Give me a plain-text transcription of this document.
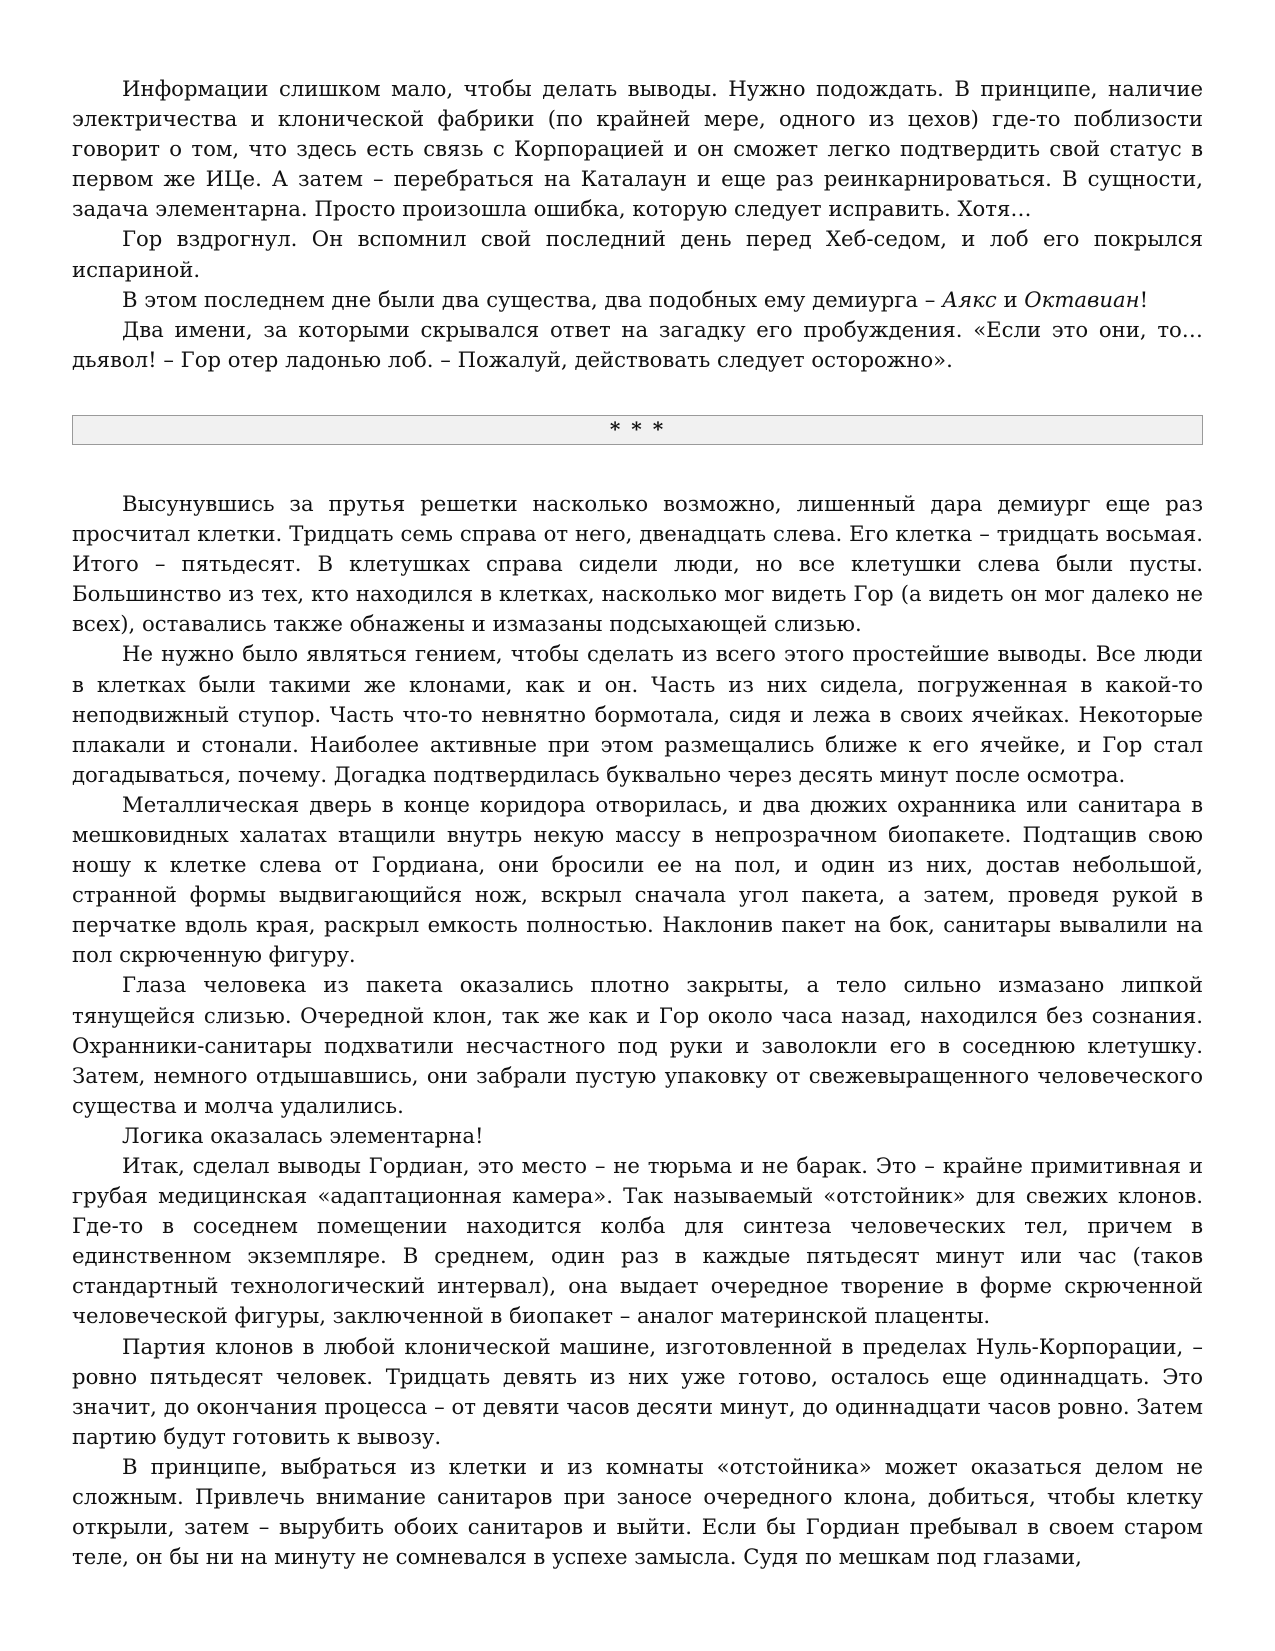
Информации слишком мало, чтобы делать выводы. Нужно подождать. В принципе, наличие электричества и клонической фабрики (по крайней мере, одного из цехов) где-то поблизости говорит о том, что здесь есть связь с Корпорацией и он сможет легко подтвердить свой статус в первом же ИЦе. А затем – перебраться на Каталаун и еще раз реинкарнироваться. В сущности, задача элементарна. Просто произошла ошибка, которую следует исправить. Хотя…

Гор вздрогнул. Он вспомнил свой последний день перед Хеб-седом, и лоб его покрылся испариной.

В этом последнем дне были два существа, два подобных ему демиурга – Аякс и Октавиан!

Два имени, за которыми скрывался ответ на загадку его пробуждения. «Если это они, то… дьявол! – Гор отер ладонью лоб. – Пожалуй, действовать следует осторожно».

* * *

Высунувшись за прутья решетки насколько возможно, лишенный дара демиург еще раз просчитал клетки. Тридцать семь справа от него, двенадцать слева. Его клетка – тридцать восьмая. Итого – пятьдесят. В клетушках справа сидели люди, но все клетушки слева были пусты. Большинство из тех, кто находился в клетках, насколько мог видеть Гор (а видеть он мог далеко не всех), оставались также обнажены и измазаны подсыхающей слизью.

Не нужно было являться гением, чтобы сделать из всего этого простейшие выводы. Все люди в клетках были такими же клонами, как и он. Часть из них сидела, погруженная в какой-то неподвижный ступор. Часть что-то невнятно бормотала, сидя и лежа в своих ячейках. Некоторые плакали и стонали. Наиболее активные при этом размещались ближе к его ячейке, и Гор стал догадываться, почему. Догадка подтвердилась буквально через десять минут после осмотра.

Металлическая дверь в конце коридора отворилась, и два дюжих охранника или санитара в мешковидных халатах втащили внутрь некую массу в непрозрачном биопакете. Подтащив свою ношу к клетке слева от Гордиана, они бросили ее на пол, и один из них, достав небольшой, странной формы выдвигающийся нож, вскрыл сначала угол пакета, а затем, проведя рукой в перчатке вдоль края, раскрыл емкость полностью. Наклонив пакет на бок, санитары вывалили на пол скрюченную фигуру.

Глаза человека из пакета оказались плотно закрыты, а тело сильно измазано липкой тянущейся слизью. Очередной клон, так же как и Гор около часа назад, находился без сознания. Охранники-санитары подхватили несчастного под руки и заволокли его в соседнюю клетушку. Затем, немного отдышавшись, они забрали пустую упаковку от свежевыращенного человеческого существа и молча удалились.

Логика оказалась элементарна!

Итак, сделал выводы Гордиан, это место – не тюрьма и не барак. Это – крайне примитивная и грубая медицинская «адаптационная камера». Так называемый «отстойник» для свежих клонов. Где-то в соседнем помещении находится колба для синтеза человеческих тел, причем в единственном экземпляре. В среднем, один раз в каждые пятьдесят минут или час (таков стандартный технологический интервал), она выдает очередное творение в форме скрюченной человеческой фигуры, заключенной в биопакет – аналог материнской плаценты.

Партия клонов в любой клонической машине, изготовленной в пределах Нуль-Корпорации, – ровно пятьдесят человек. Тридцать девять из них уже готово, осталось еще одиннадцать. Это значит, до окончания процесса – от девяти часов десяти минут, до одиннадцати часов ровно. Затем партию будут готовить к вывозу.

В принципе, выбраться из клетки и из комнаты «отстойника» может оказаться делом не сложным. Привлечь внимание санитаров при заносе очередного клона, добиться, чтобы клетку открыли, затем – вырубить обоих санитаров и выйти. Если бы Гордиан пребывал в своем старом теле, он бы ни на минуту не сомневался в успехе замысла. Судя по мешкам под глазами,
